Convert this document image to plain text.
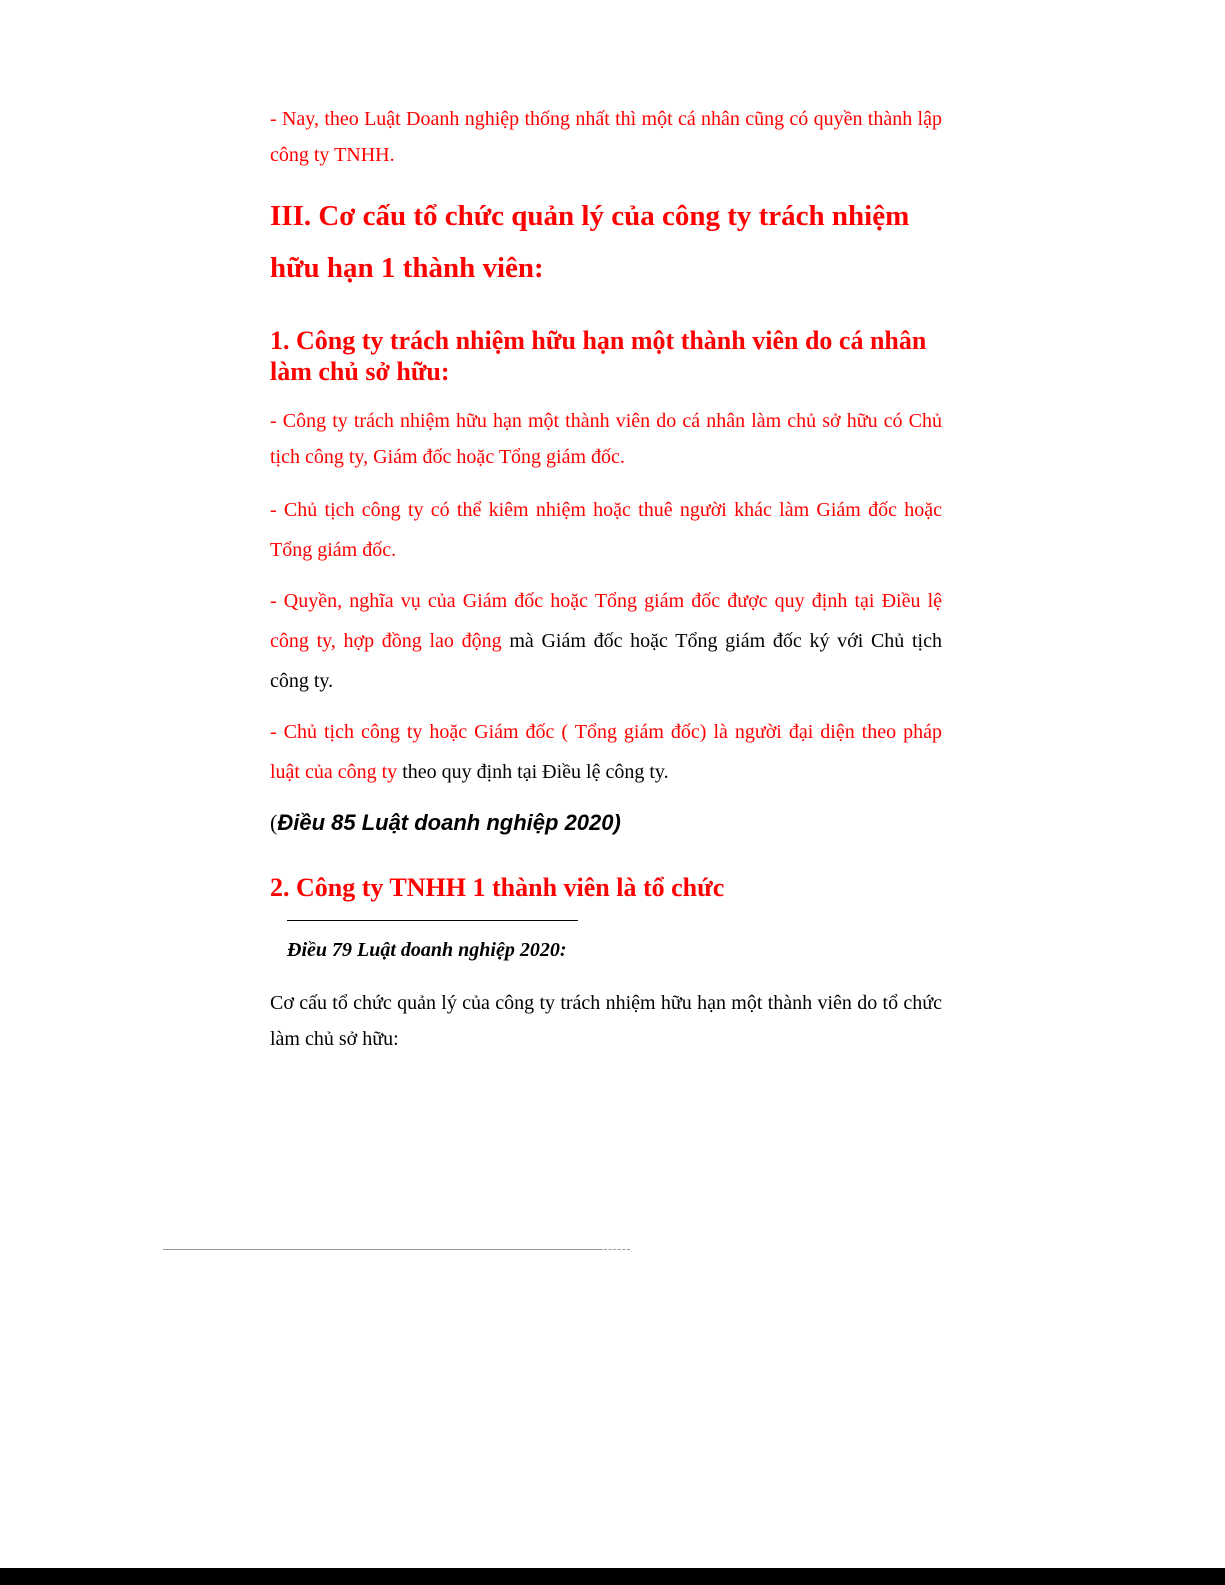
- Nay, theo Luật Doanh nghiệp thống nhất thì một cá nhân cũng có quyền thành lập công ty TNHH.

III. Cơ cấu tổ chức quản lý của công ty trách nhiệm hữu hạn 1 thành viên:
1. Công ty trách nhiệm hữu hạn một thành viên do cá nhân làm chủ sở hữu:

- Công ty trách nhiệm hữu hạn một thành viên do cá nhân làm chủ sở hữu có Chủ tịch công ty, Giám đốc hoặc Tổng giám đốc.

- Chủ tịch công ty có thể kiêm nhiệm hoặc thuê người khác làm Giám đốc hoặc Tổng giám đốc.

- Quyền, nghĩa vụ của Giám đốc hoặc Tổng giám đốc được quy định tại Điều lệ công ty, hợp đồng lao động mà Giám đốc hoặc Tổng giám đốc ký với Chủ tịch công ty.

- Chủ tịch công ty hoặc Giám đốc ( Tổng giám đốc) là người đại diện theo pháp luật của công ty theo quy định tại Điều lệ công ty.

(Điều 85 Luật doanh nghiệp 2020)

2. Công ty TNHH 1 thành viên là tổ chức

Điều 79 Luật doanh nghiệp 2020:

Cơ cấu tổ chức quản lý của công ty trách nhiệm hữu hạn một thành viên do tổ chức làm chủ sở hữu:
